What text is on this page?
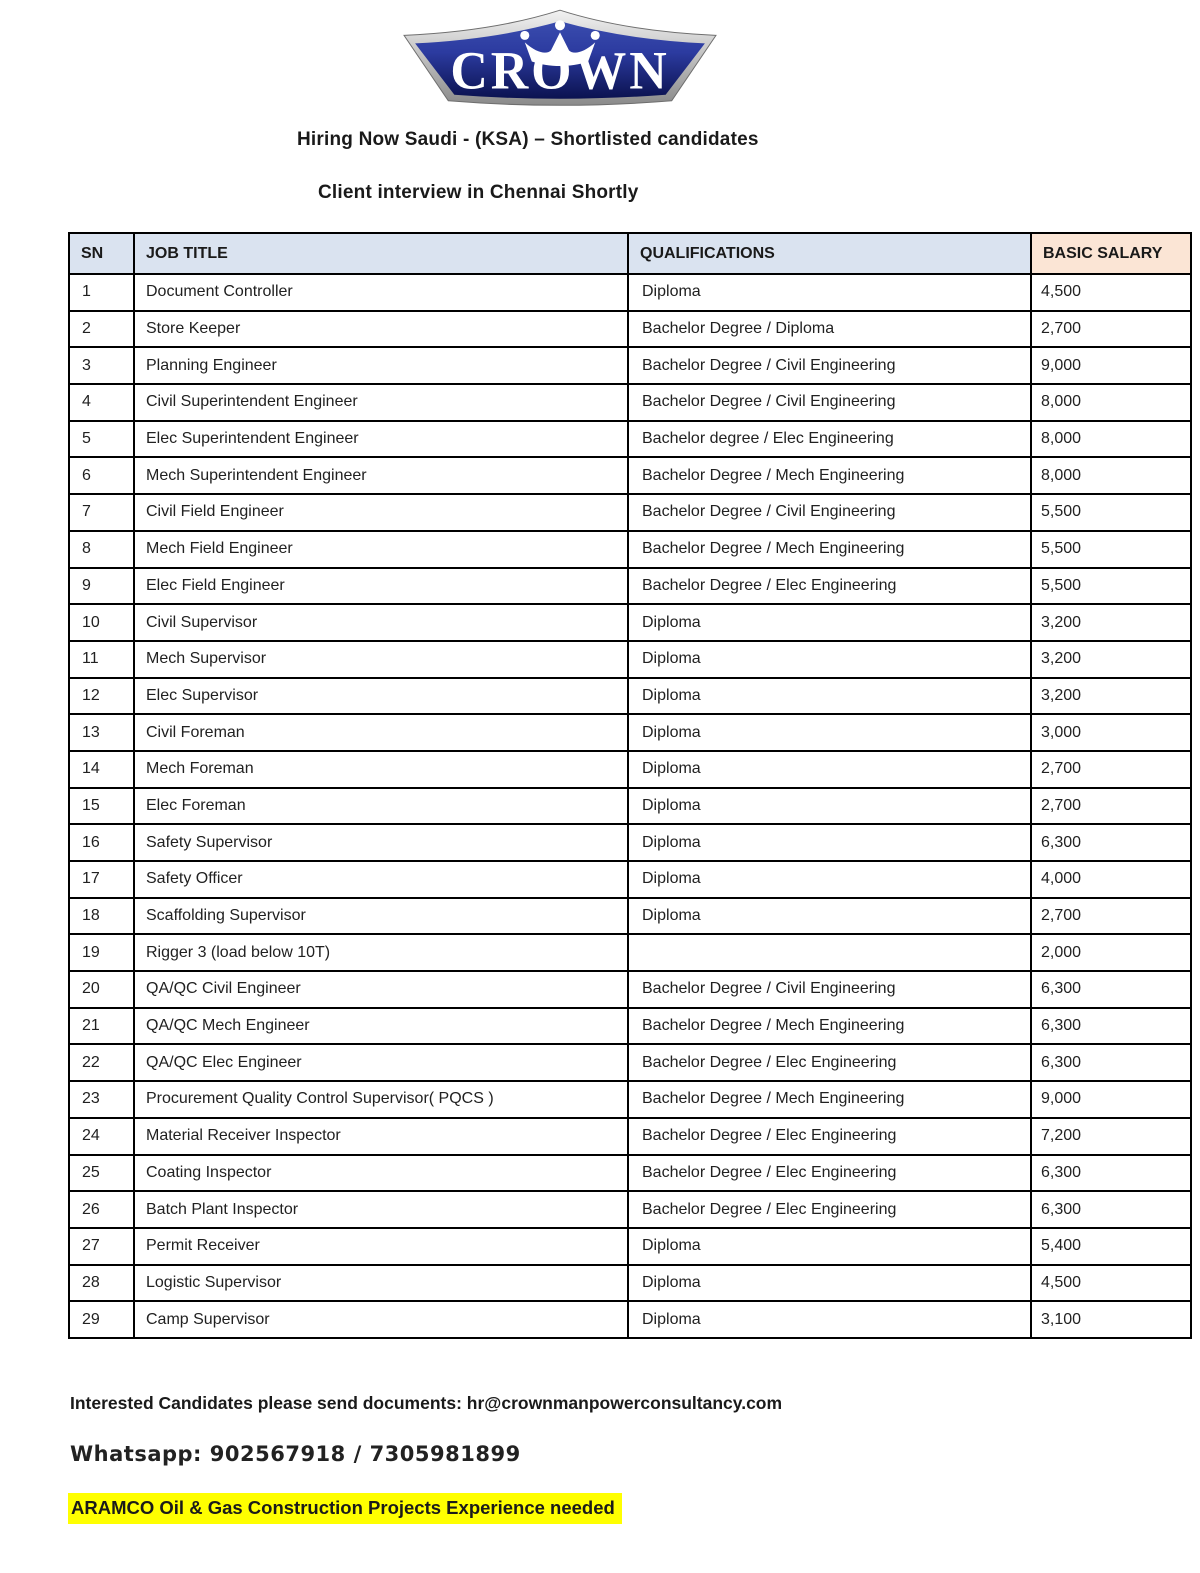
CROWN
Hiring Now Saudi - (KSA) – Shortlisted candidates
Client interview in Chennai Shortly
SN	JOB TITLE	QUALIFICATIONS	BASIC SALARY
1	Document Controller	Diploma	4,500
2	Store Keeper	Bachelor Degree / Diploma	2,700
3	Planning Engineer	Bachelor Degree / Civil Engineering	9,000
4	Civil Superintendent Engineer	Bachelor Degree / Civil Engineering	8,000
5	Elec Superintendent Engineer	Bachelor degree / Elec Engineering	8,000
6	Mech Superintendent Engineer	Bachelor Degree / Mech Engineering	8,000
7	Civil Field Engineer	Bachelor Degree / Civil Engineering	5,500
8	Mech Field Engineer	Bachelor Degree / Mech Engineering	5,500
9	Elec Field Engineer	Bachelor Degree / Elec Engineering	5,500
10	Civil Supervisor	Diploma	3,200
11	Mech Supervisor	Diploma	3,200
12	Elec Supervisor	Diploma	3,200
13	Civil Foreman	Diploma	3,000
14	Mech Foreman	Diploma	2,700
15	Elec Foreman	Diploma	2,700
16	Safety Supervisor	Diploma	6,300
17	Safety Officer	Diploma	4,000
18	Scaffolding Supervisor	Diploma	2,700
19	Rigger 3 (load below 10T)		2,000
20	QA/QC Civil Engineer	Bachelor Degree / Civil Engineering	6,300
21	QA/QC Mech Engineer	Bachelor Degree / Mech Engineering	6,300
22	QA/QC Elec Engineer	Bachelor Degree / Elec Engineering	6,300
23	Procurement Quality Control Supervisor( PQCS )	Bachelor Degree / Mech Engineering	9,000
24	Material Receiver Inspector	Bachelor Degree / Elec Engineering	7,200
25	Coating Inspector	Bachelor Degree / Elec Engineering	6,300
26	Batch Plant Inspector	Bachelor Degree / Elec Engineering	6,300
27	Permit Receiver	Diploma	5,400
28	Logistic Supervisor	Diploma	4,500
29	Camp Supervisor	Diploma	3,100
Interested Candidates please send documents: hr@crownmanpowerconsultancy.com
Whatsapp: 902567918 / 7305981899
ARAMCO Oil & Gas Construction Projects Experience needed
